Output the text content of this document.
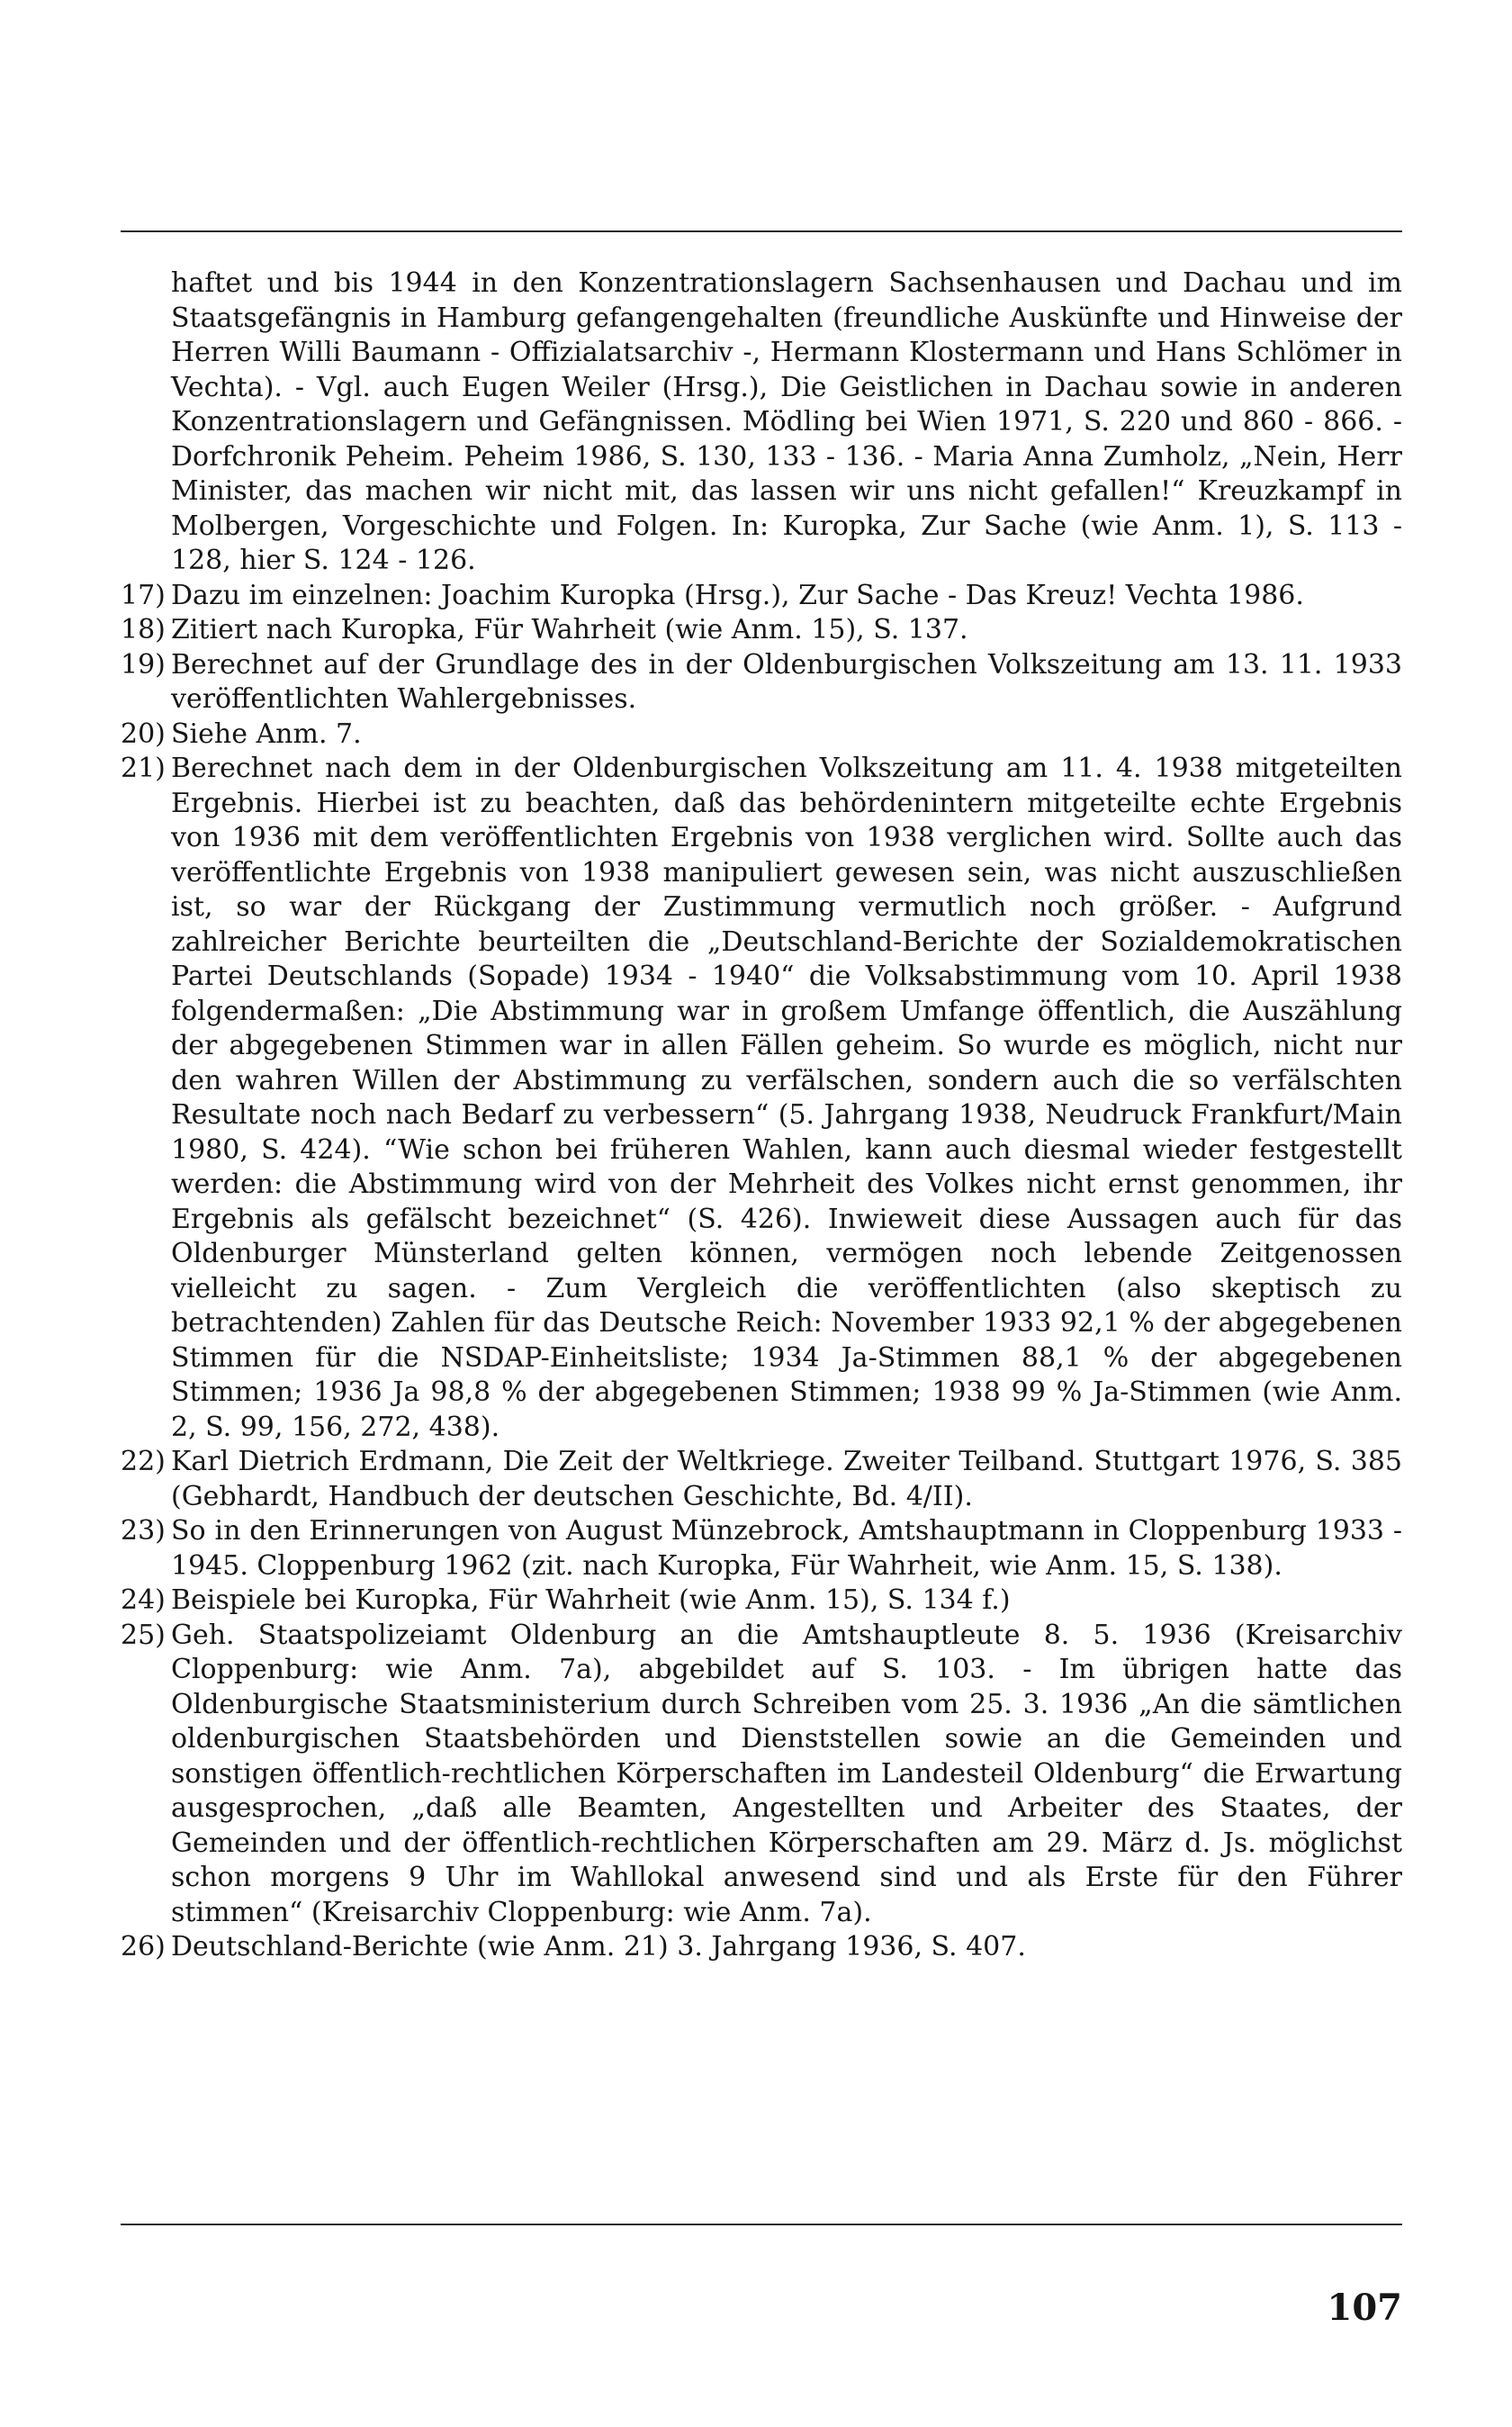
haftet und bis 1944 in den Konzentrationslagern Sachsenhausen und Dachau und im Staatsgefängnis in Hamburg gefangengehalten (freundliche Auskünfte und Hinweise der Herren Willi Baumann - Offizialatsarchiv -, Hermann Klostermann und Hans Schlömer in Vechta). - Vgl. auch Eugen Weiler (Hrsg.), Die Geistlichen in Dachau sowie in anderen Konzentrationslagern und Gefängnissen. Mödling bei Wien 1971, S. 220 und 860 - 866. - Dorfchronik Peheim. Peheim 1986, S. 130, 133 - 136. - Maria Anna Zumholz, „Nein, Herr Minister, das machen wir nicht mit, das lassen wir uns nicht gefallen!“ Kreuzkampf in Molbergen, Vorgeschichte und Folgen. In: Kuropka, Zur Sache (wie Anm. 1), S. 113 - 128, hier S. 124 - 126.
17) Dazu im einzelnen: Joachim Kuropka (Hrsg.), Zur Sache - Das Kreuz! Vechta 1986.
18) Zitiert nach Kuropka, Für Wahrheit (wie Anm. 15), S. 137.
19) Berechnet auf der Grundlage des in der Oldenburgischen Volkszeitung am 13. 11. 1933 veröffentlichten Wahlergebnisses.
20) Siehe Anm. 7.
21) Berechnet nach dem in der Oldenburgischen Volkszeitung am 11. 4. 1938 mitgeteilten Ergebnis. Hierbei ist zu beachten, daß das behördenintern mitgeteilte echte Ergebnis von 1936 mit dem veröffentlichten Ergebnis von 1938 verglichen wird. Sollte auch das veröffentlichte Ergebnis von 1938 manipuliert gewesen sein, was nicht auszuschließen ist, so war der Rückgang der Zustimmung vermutlich noch größer. - Aufgrund zahlreicher Berichte beurteilten die „Deutschland-Berichte der Sozialdemokratischen Partei Deutschlands (Sopade) 1934 - 1940“ die Volksabstimmung vom 10. April 1938 folgendermaßen: „Die Abstimmung war in großem Umfange öffentlich, die Auszählung der abgegebenen Stimmen war in allen Fällen geheim. So wurde es möglich, nicht nur den wahren Willen der Abstimmung zu verfälschen, sondern auch die so verfälschten Resultate noch nach Bedarf zu verbessern“ (5. Jahrgang 1938, Neudruck Frankfurt/Main 1980, S. 424). “Wie schon bei früheren Wahlen, kann auch diesmal wieder festgestellt werden: die Abstimmung wird von der Mehrheit des Volkes nicht ernst genommen, ihr Ergebnis als gefälscht bezeichnet“ (S. 426). Inwieweit diese Aussagen auch für das Oldenburger Münsterland gelten können, vermögen noch lebende Zeitgenossen vielleicht zu sagen. - Zum Vergleich die veröffentlichten (also skeptisch zu betrachtenden) Zahlen für das Deutsche Reich: November 1933 92,1 % der abgegebenen Stimmen für die NSDAP-Einheitsliste; 1934 Ja-Stimmen 88,1 % der abgegebenen Stimmen; 1936 Ja 98,8 % der abgegebenen Stimmen; 1938 99 % Ja-Stimmen (wie Anm. 2, S. 99, 156, 272, 438).
22) Karl Dietrich Erdmann, Die Zeit der Weltkriege. Zweiter Teilband. Stuttgart 1976, S. 385 (Gebhardt, Handbuch der deutschen Geschichte, Bd. 4/II).
23) So in den Erinnerungen von August Münzebrock, Amtshauptmann in Cloppenburg 1933 - 1945. Cloppenburg 1962 (zit. nach Kuropka, Für Wahrheit, wie Anm. 15, S. 138).
24) Beispiele bei Kuropka, Für Wahrheit (wie Anm. 15), S. 134 f.)
25) Geh. Staatspolizeiamt Oldenburg an die Amtshauptleute 8. 5. 1936 (Kreisarchiv Cloppenburg: wie Anm. 7a), abgebildet auf S. 103. - Im übrigen hatte das Oldenburgische Staatsministerium durch Schreiben vom 25. 3. 1936 „An die sämtlichen oldenburgischen Staatsbehörden und Dienststellen sowie an die Gemeinden und sonstigen öffentlich-rechtlichen Körperschaften im Landesteil Oldenburg“ die Erwartung ausgesprochen, „daß alle Beamten, Angestellten und Arbeiter des Staates, der Gemeinden und der öffentlich-rechtlichen Körperschaften am 29. März d. Js. möglichst schon morgens 9 Uhr im Wahllokal anwesend sind und als Erste für den Führer stimmen“ (Kreisarchiv Cloppenburg: wie Anm. 7a).
26) Deutschland-Berichte (wie Anm. 21) 3. Jahrgang 1936, S. 407.
107
